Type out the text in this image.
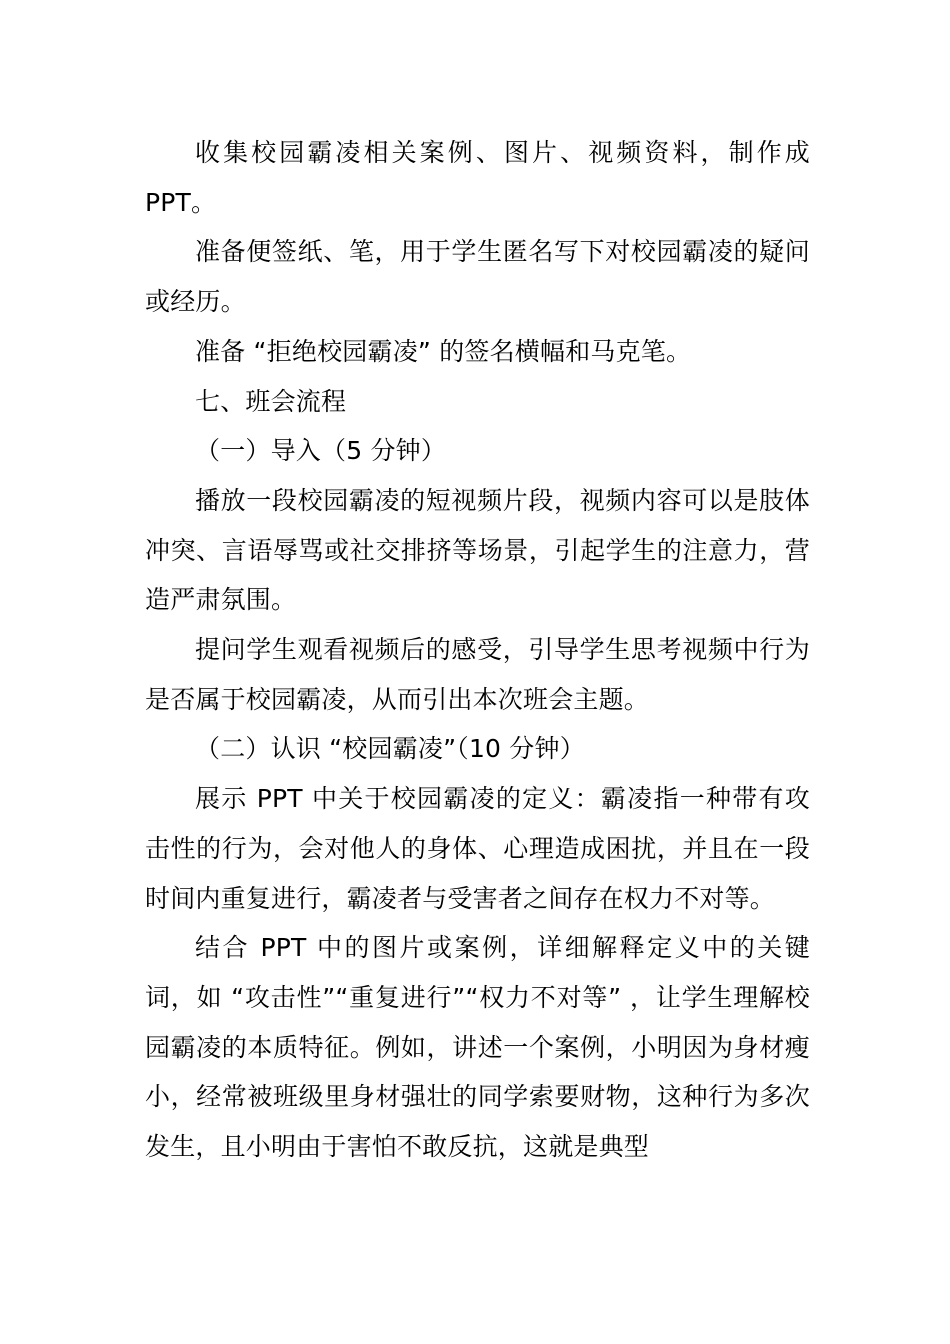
收集校园霸凌相关案例、图片、视频资料，制作成PPT。

准备便签纸、笔，用于学生匿名写下对校园霸凌的疑问或经历。

准备 “拒绝校园霸凌” 的签名横幅和马克笔。

七、班会流程

（一）导入（5 分钟）

播放一段校园霸凌的短视频片段，视频内容可以是肢体冲突、言语辱骂或社交排挤等场景，引起学生的注意力，营造严肃氛围。

提问学生观看视频后的感受，引导学生思考视频中行为是否属于校园霸凌，从而引出本次班会主题。

（二）认识 “校园霸凌”（10 分钟）

展示 PPT 中关于校园霸凌的定义：霸凌指一种带有攻击性的行为，会对他人的身体、心理造成困扰，并且在一段时间内重复进行，霸凌者与受害者之间存在权力不对等。

结合 PPT 中的图片或案例，详细解释定义中的关键词，如 “攻击性”“重复进行”“权力不对等” ，让学生理解校园霸凌的本质特征。例如，讲述一个案例，小明因为身材瘦小，经常被班级里身材强壮的同学索要财物，这种行为多次发生，且小明由于害怕不敢反抗，这就是典型
